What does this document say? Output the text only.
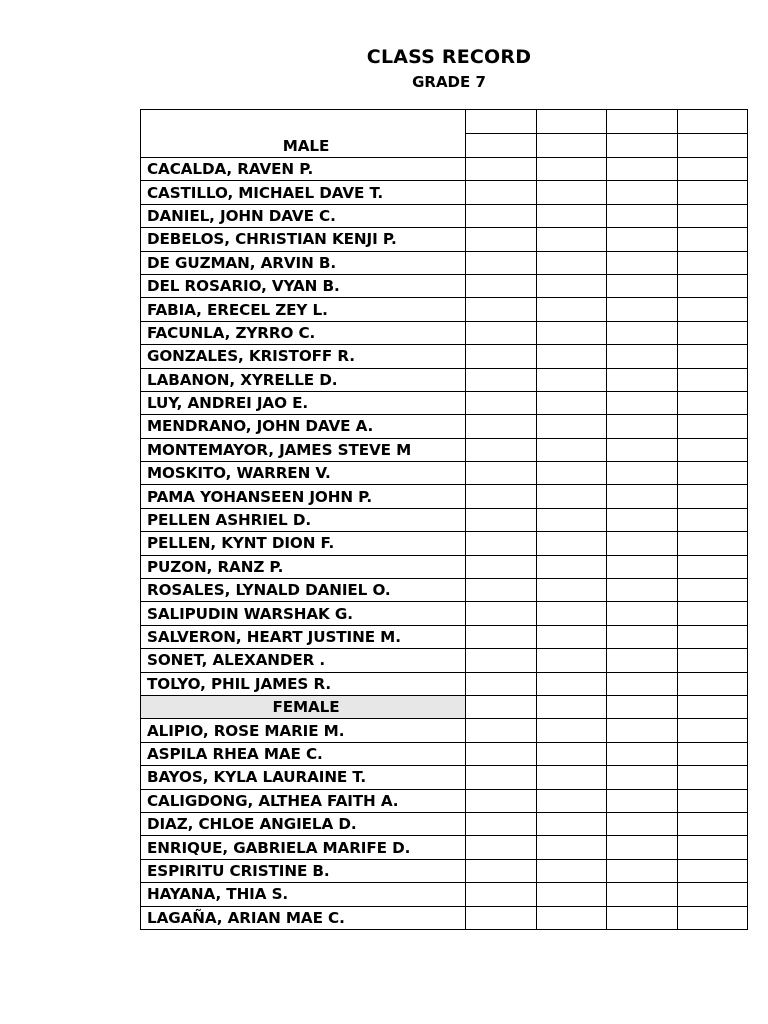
CLASS RECORD
GRADE 7
MALE				

CACALDA, RAVEN P.				
CASTILLO, MICHAEL DAVE T.				
DANIEL, JOHN DAVE C.				
DEBELOS, CHRISTIAN KENJI P.				
DE GUZMAN, ARVIN B.				
DEL ROSARIO, VYAN B.				
FABIA, ERECEL ZEY L.				
FACUNLA, ZYRRO C.				
GONZALES, KRISTOFF R.				
LABANON, XYRELLE D.				
LUY, ANDREI JAO E.				
MENDRANO, JOHN DAVE A.				
MONTEMAYOR, JAMES STEVE M				
MOSKITO, WARREN V.				
PAMA YOHANSEEN JOHN P.				
PELLEN ASHRIEL D.				
PELLEN, KYNT DION F.				
PUZON, RANZ P.				
ROSALES, LYNALD DANIEL O.				
SALIPUDIN WARSHAK G.				
SALVERON, HEART JUSTINE M.				
SONET, ALEXANDER .				
TOLYO, PHIL JAMES R.				
FEMALE				
ALIPIO, ROSE MARIE M.				
ASPILA RHEA MAE C.				
BAYOS, KYLA LAURAINE T.				
CALIGDONG, ALTHEA FAITH A.				
DIAZ, CHLOE ANGIELA D.				
ENRIQUE, GABRIELA MARIFE D.				
ESPIRITU CRISTINE B.				
HAYANA, THIA S.				
LAGAÑA, ARIAN MAE C.				
